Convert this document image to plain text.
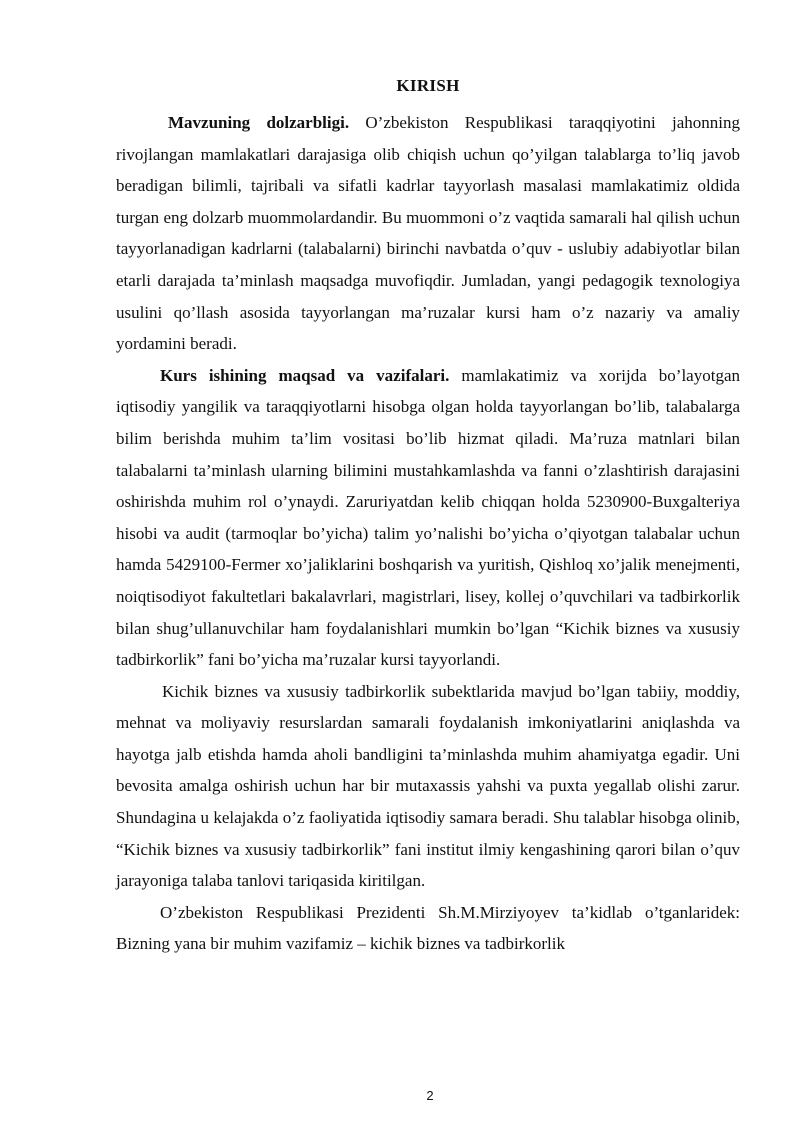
KIRISH

Mavzuning dolzarbligi. O’zbekiston Respublikasi taraqqiyotini jahonning rivojlangan mamlakatlari darajasiga olib chiqish uchun qo’yilgan talablarga to’liq javob beradigan bilimli, tajribali va sifatli kadrlar tayyorlash masalasi mamlakatimiz oldida turgan eng dolzarb muommolardandir. Bu muommoni o’z vaqtida samarali hal qilish uchun tayyorlanadigan kadrlarni (talabalarni) birinchi navbatda o’quv - uslubiy adabiyotlar bilan etarli darajada ta’minlash maqsadga muvofiqdir. Jumladan, yangi pedagogik texnologiya usulini qo’llash asosida tayyorlangan ma’ruzalar kursi ham o’z nazariy va amaliy yordamini beradi.

Kurs ishining maqsad va vazifalari. mamlakatimiz va xorijda bo’layotgan iqtisodiy yangilik va taraqqiyotlarni hisobga olgan holda tayyorlangan bo’lib, talabalarga bilim berishda muhim ta’lim vositasi bo’lib hizmat qiladi. Ma’ruza matnlari bilan talabalarni ta’minlash ularning bilimini mustahkamlashda va fanni o’zlashtirish darajasini oshirishda muhim rol o’ynaydi. Zaruriyatdan kelib chiqqan holda 5230900-Buxgalteriya hisobi va audit (tarmoqlar bo’yicha) talim yo’nalishi bo’yicha o’qiyotgan talabalar uchun hamda 5429100-Fermer xo’jaliklarini boshqarish va yuritish, Qishloq xo’jalik menejmenti, noiqtisodiyot fakultetlari bakalavrlari, magistrlari, lisey, kollej o’quvchilari va tadbirkorlik bilan shug’ullanuvchilar ham foydalanishlari mumkin bo’lgan “Kichik biznes va xususiy tadbirkorlik” fani bo’yicha ma’ruzalar kursi tayyorlandi.

Kichik biznes va xususiy tadbirkorlik subektlarida mavjud bo’lgan tabiiy, moddiy, mehnat va moliyaviy resurslardan samarali foydalanish imkoniyatlarini aniqlashda va hayotga jalb etishda hamda aholi bandligini ta’minlashda muhim ahamiyatga egadir. Uni bevosita amalga oshirish uchun har bir mutaxassis yahshi va puxta yegallab olishi zarur. Shundagina u kelajakda o’z faoliyatida iqtisodiy samara beradi. Shu talablar hisobga olinib, “Kichik biznes va xususiy tadbirkorlik” fani institut ilmiy kengashining qarori bilan o’quv jarayoniga talaba tanlovi tariqasida kiritilgan.

O’zbekiston Respublikasi Prezidenti Sh.M.Mirziyoyev ta’kidlab o’tganlaridek: Bizning yana bir muhim vazifamiz – kichik biznes va tadbirkorlik

2
